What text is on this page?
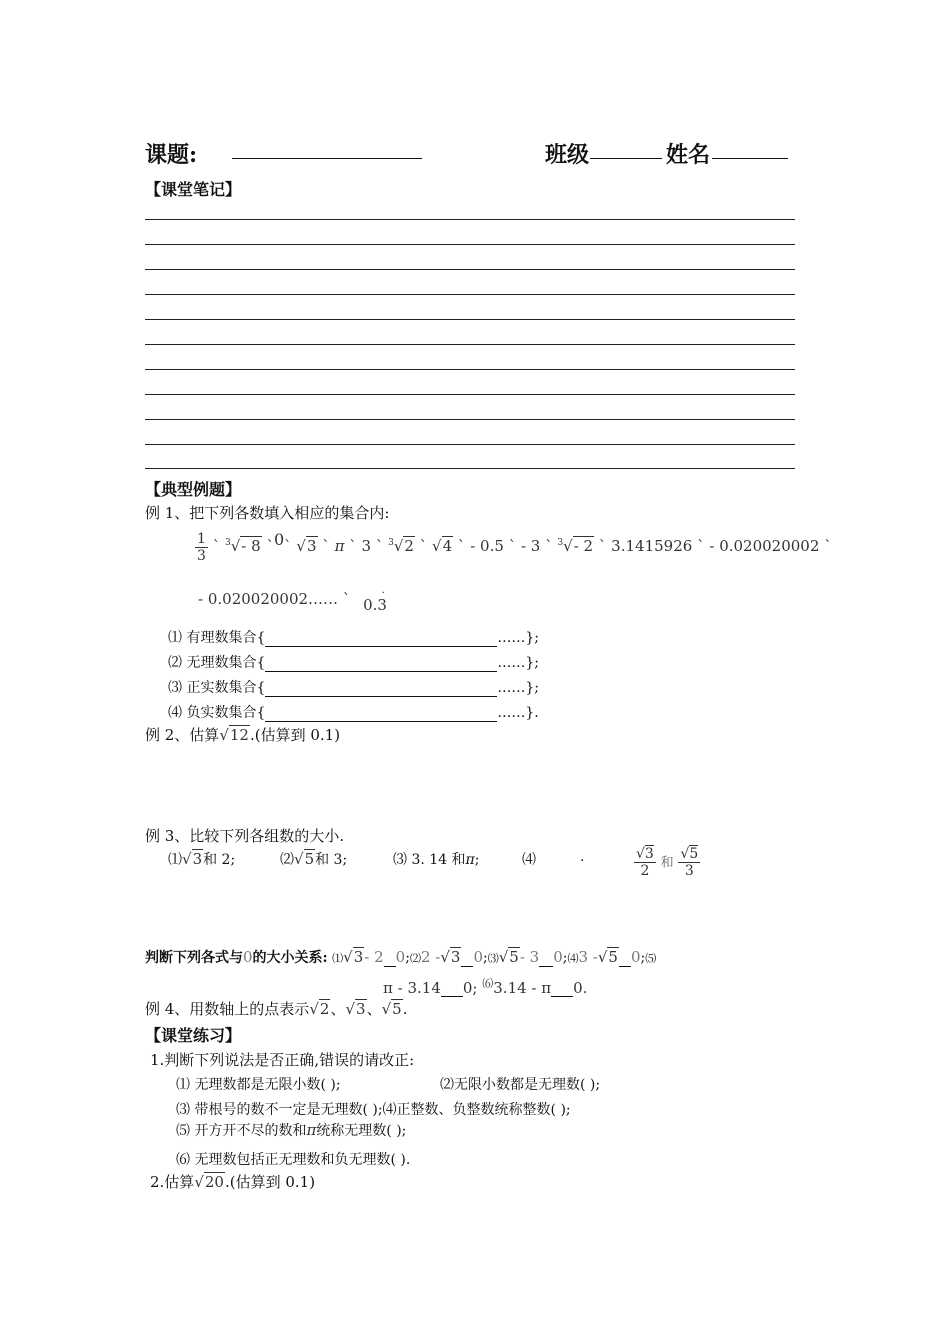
课题:	班级	姓名
【课堂笔记】
【典型例题】
例 1、把下列各数填入相应的集合内:
$\frac{1}{3}$ ` $^3$√- 8 `$^0$` √3 ` π ` 3 ` $^3$√2 ` √4 ` - 0.5 ` - 3 ` $^3$√- 2 ` 3.1415926 ` - 0.020020002 `
- 0.020020002…… ` 0.3
·
⑴ 有理数集合{	……};
⑵ 无理数集合{	……};
⑶ 正实数集合{	……};
⑷ 负实数集合{	……}.
例 2、估算√12.(估算到 0.1)
例 3、比较下列各组数的大小.
⑴√3和 2;	⑵√5和 3;	⑶ 3. 14 和π;	⑷	.	$\frac{√3}{2}$ 和 $\frac{√5}{3}$
判断下列各式与0的大小关系: ⑴√3- 2 0;⑵2 -√3 0;⑶√5- 3 0;⑷3 -√5 0;⑸
π - 3.14 0; ⑹3.14 - π 0.
例 4、用数轴上的点表示√2、√3、√5.
【课堂练习】
1.判断下列说法是否正确,错误的请改正:
⑴ 无理数都是无限小数( );	⑵无限小数都是无理数( );
⑶ 带根号的数不一定是无理数( );⑷正整数、负整数统称整数( );
⑸ 开方开不尽的数和π统称无理数( );
⑹ 无理数包括正无理数和负无理数( ).
2.估算√20.(估算到 0.1)
